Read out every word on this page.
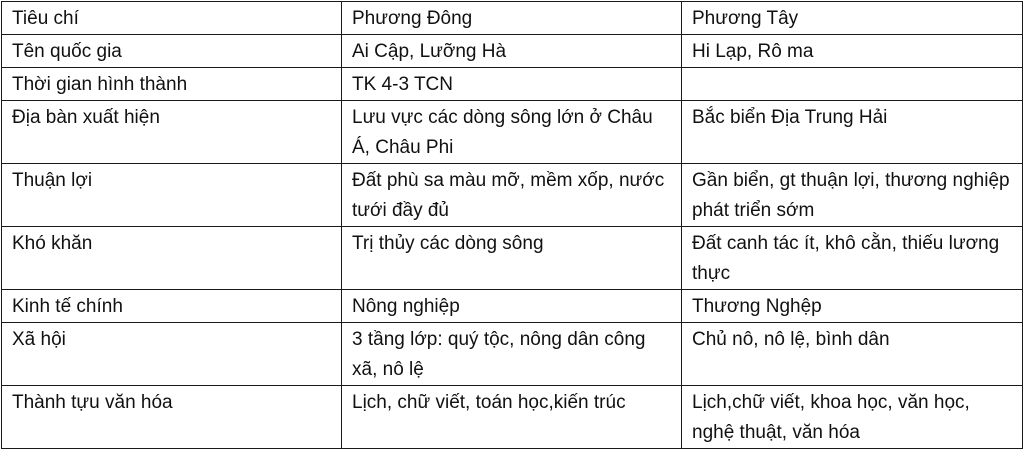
Tiêu chí	Phương Đông	Phương Tây
Tên quốc gia	Ai Cập, Lưỡng Hà	Hi Lạp, Rô ma
Thời gian hình thành	TK 4-3 TCN	
Địa bàn xuất hiện	Lưu vực các dòng sông lớn ở Châu Á, Châu Phi	Bắc biển Địa Trung Hải
Thuận lợi	Đất phù sa màu mỡ, mềm xốp, nước tưới đầy đủ	Gần biển, gt thuận lợi, thương nghiệp phát triển sớm
Khó khăn	Trị thủy các dòng sông	Đất canh tác ít, khô cằn, thiếu lương thực
Kinh tế chính	Nông nghiệp	Thương Nghệp
Xã hội	3 tầng lớp: quý tộc, nông dân công xã, nô lệ	Chủ nô, nô lệ, bình dân
Thành tựu văn hóa	Lịch, chữ viết, toán học,kiến trúc	Lịch,chữ viết, khoa học, văn học, nghệ thuật, văn hóa
